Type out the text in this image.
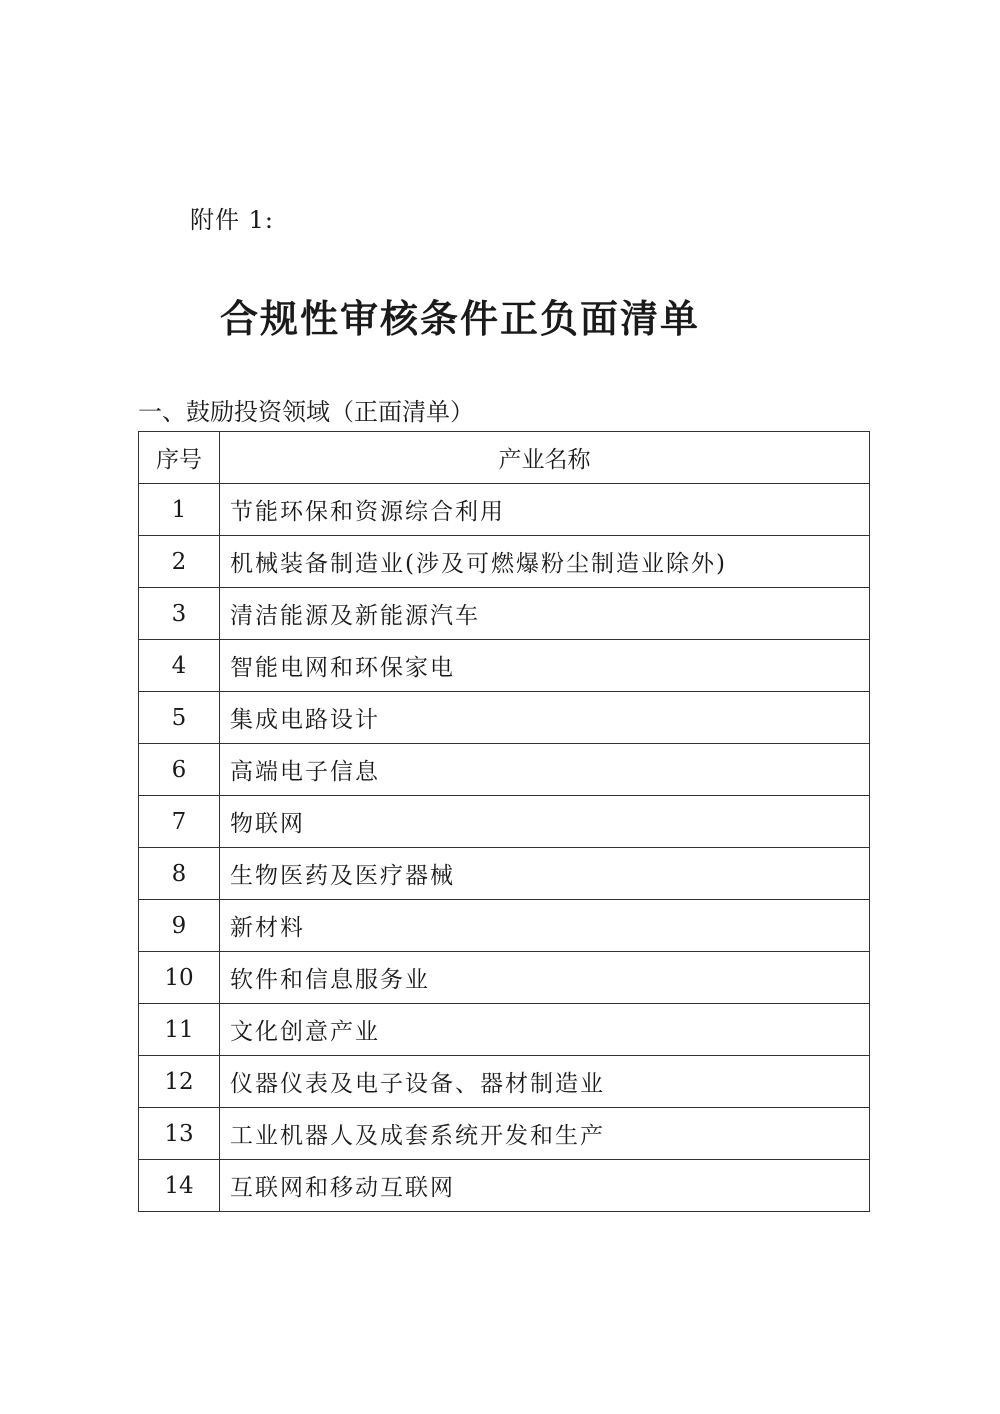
附件 1:
合规性审核条件正负面清单
一、鼓励投资领域（正面清单）
序号	产业名称
1	节能环保和资源综合利用
2	机械装备制造业(涉及可燃爆粉尘制造业除外)
3	清洁能源及新能源汽车
4	智能电网和环保家电
5	集成电路设计
6	高端电子信息
7	物联网
8	生物医药及医疗器械
9	新材料
10	软件和信息服务业
11	文化创意产业
12	仪器仪表及电子设备、器材制造业
13	工业机器人及成套系统开发和生产
14	互联网和移动互联网
